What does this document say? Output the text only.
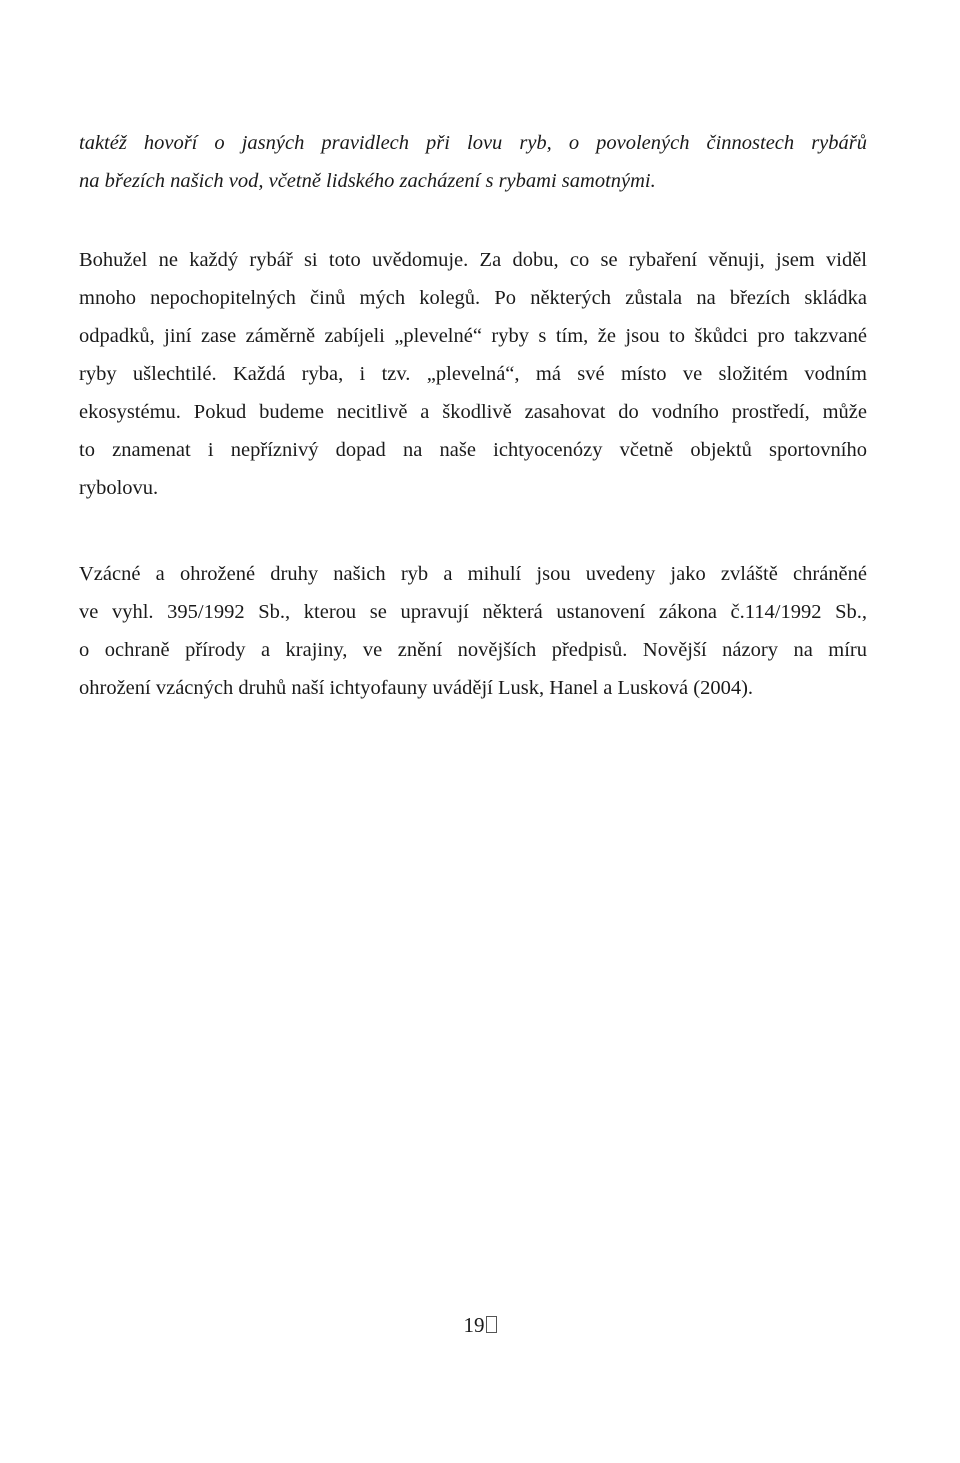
taktéž hovoří o jasných pravidlech při lovu ryb, o povolených činnostech rybářů
na březích našich vod, včetně lidského zacházení s rybami samotnými.
Bohužel ne každý rybář si toto uvědomuje. Za dobu, co se rybaření věnuji, jsem viděl
mnoho nepochopitelných činů mých kolegů. Po některých zůstala na březích skládka
odpadků, jiní zase záměrně zabíjeli „plevelné“ ryby s tím, že jsou to škůdci pro takzvané
ryby ušlechtilé. Každá ryba, i tzv. „plevelná“, má své místo ve složitém vodním
ekosystému. Pokud budeme necitlivě a škodlivě zasahovat do vodního prostředí, může
to znamenat i nepříznivý dopad na naše ichtyocenózy včetně objektů sportovního
rybolovu.
Vzácné a ohrožené druhy našich ryb a mihulí jsou uvedeny jako zvláště chráněné
ve vyhl. 395/1992 Sb., kterou se upravují některá ustanovení zákona č.114/1992 Sb.,
o ochraně přírody a krajiny, ve znění novějších předpisů. Novější názory na míru
ohrožení vzácných druhů naší ichtyofauny uvádějí Lusk, Hanel a Lusková (2004).
19
